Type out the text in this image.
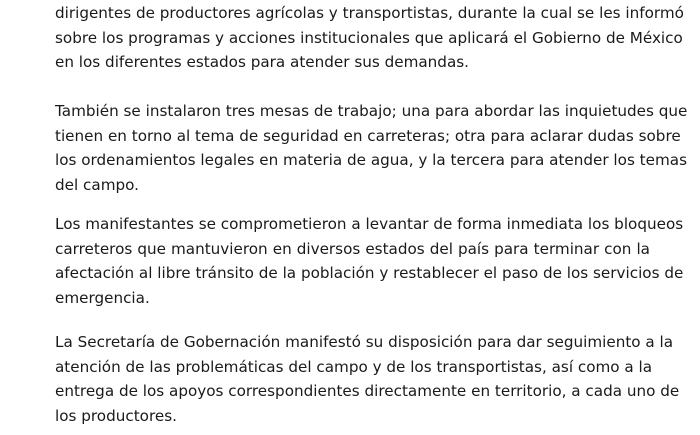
dirigentes de productores agrícolas y transportistas, durante la cual se les informó
sobre los programas y acciones institucionales que aplicará el Gobierno de México
en los diferentes estados para atender sus demandas.
También se instalaron tres mesas de trabajo; una para abordar las inquietudes que
tienen en torno al tema de seguridad en carreteras; otra para aclarar dudas sobre
los ordenamientos legales en materia de agua, y la tercera para atender los temas
del campo.
Los manifestantes se comprometieron a levantar de forma inmediata los bloqueos
carreteros que mantuvieron en diversos estados del país para terminar con la
afectación al libre tránsito de la población y restablecer el paso de los servicios de
emergencia.
La Secretaría de Gobernación manifestó su disposición para dar seguimiento a la
atención de las problemáticas del campo y de los transportistas, así como a la
entrega de los apoyos correspondientes directamente en territorio, a cada uno de
los productores.
